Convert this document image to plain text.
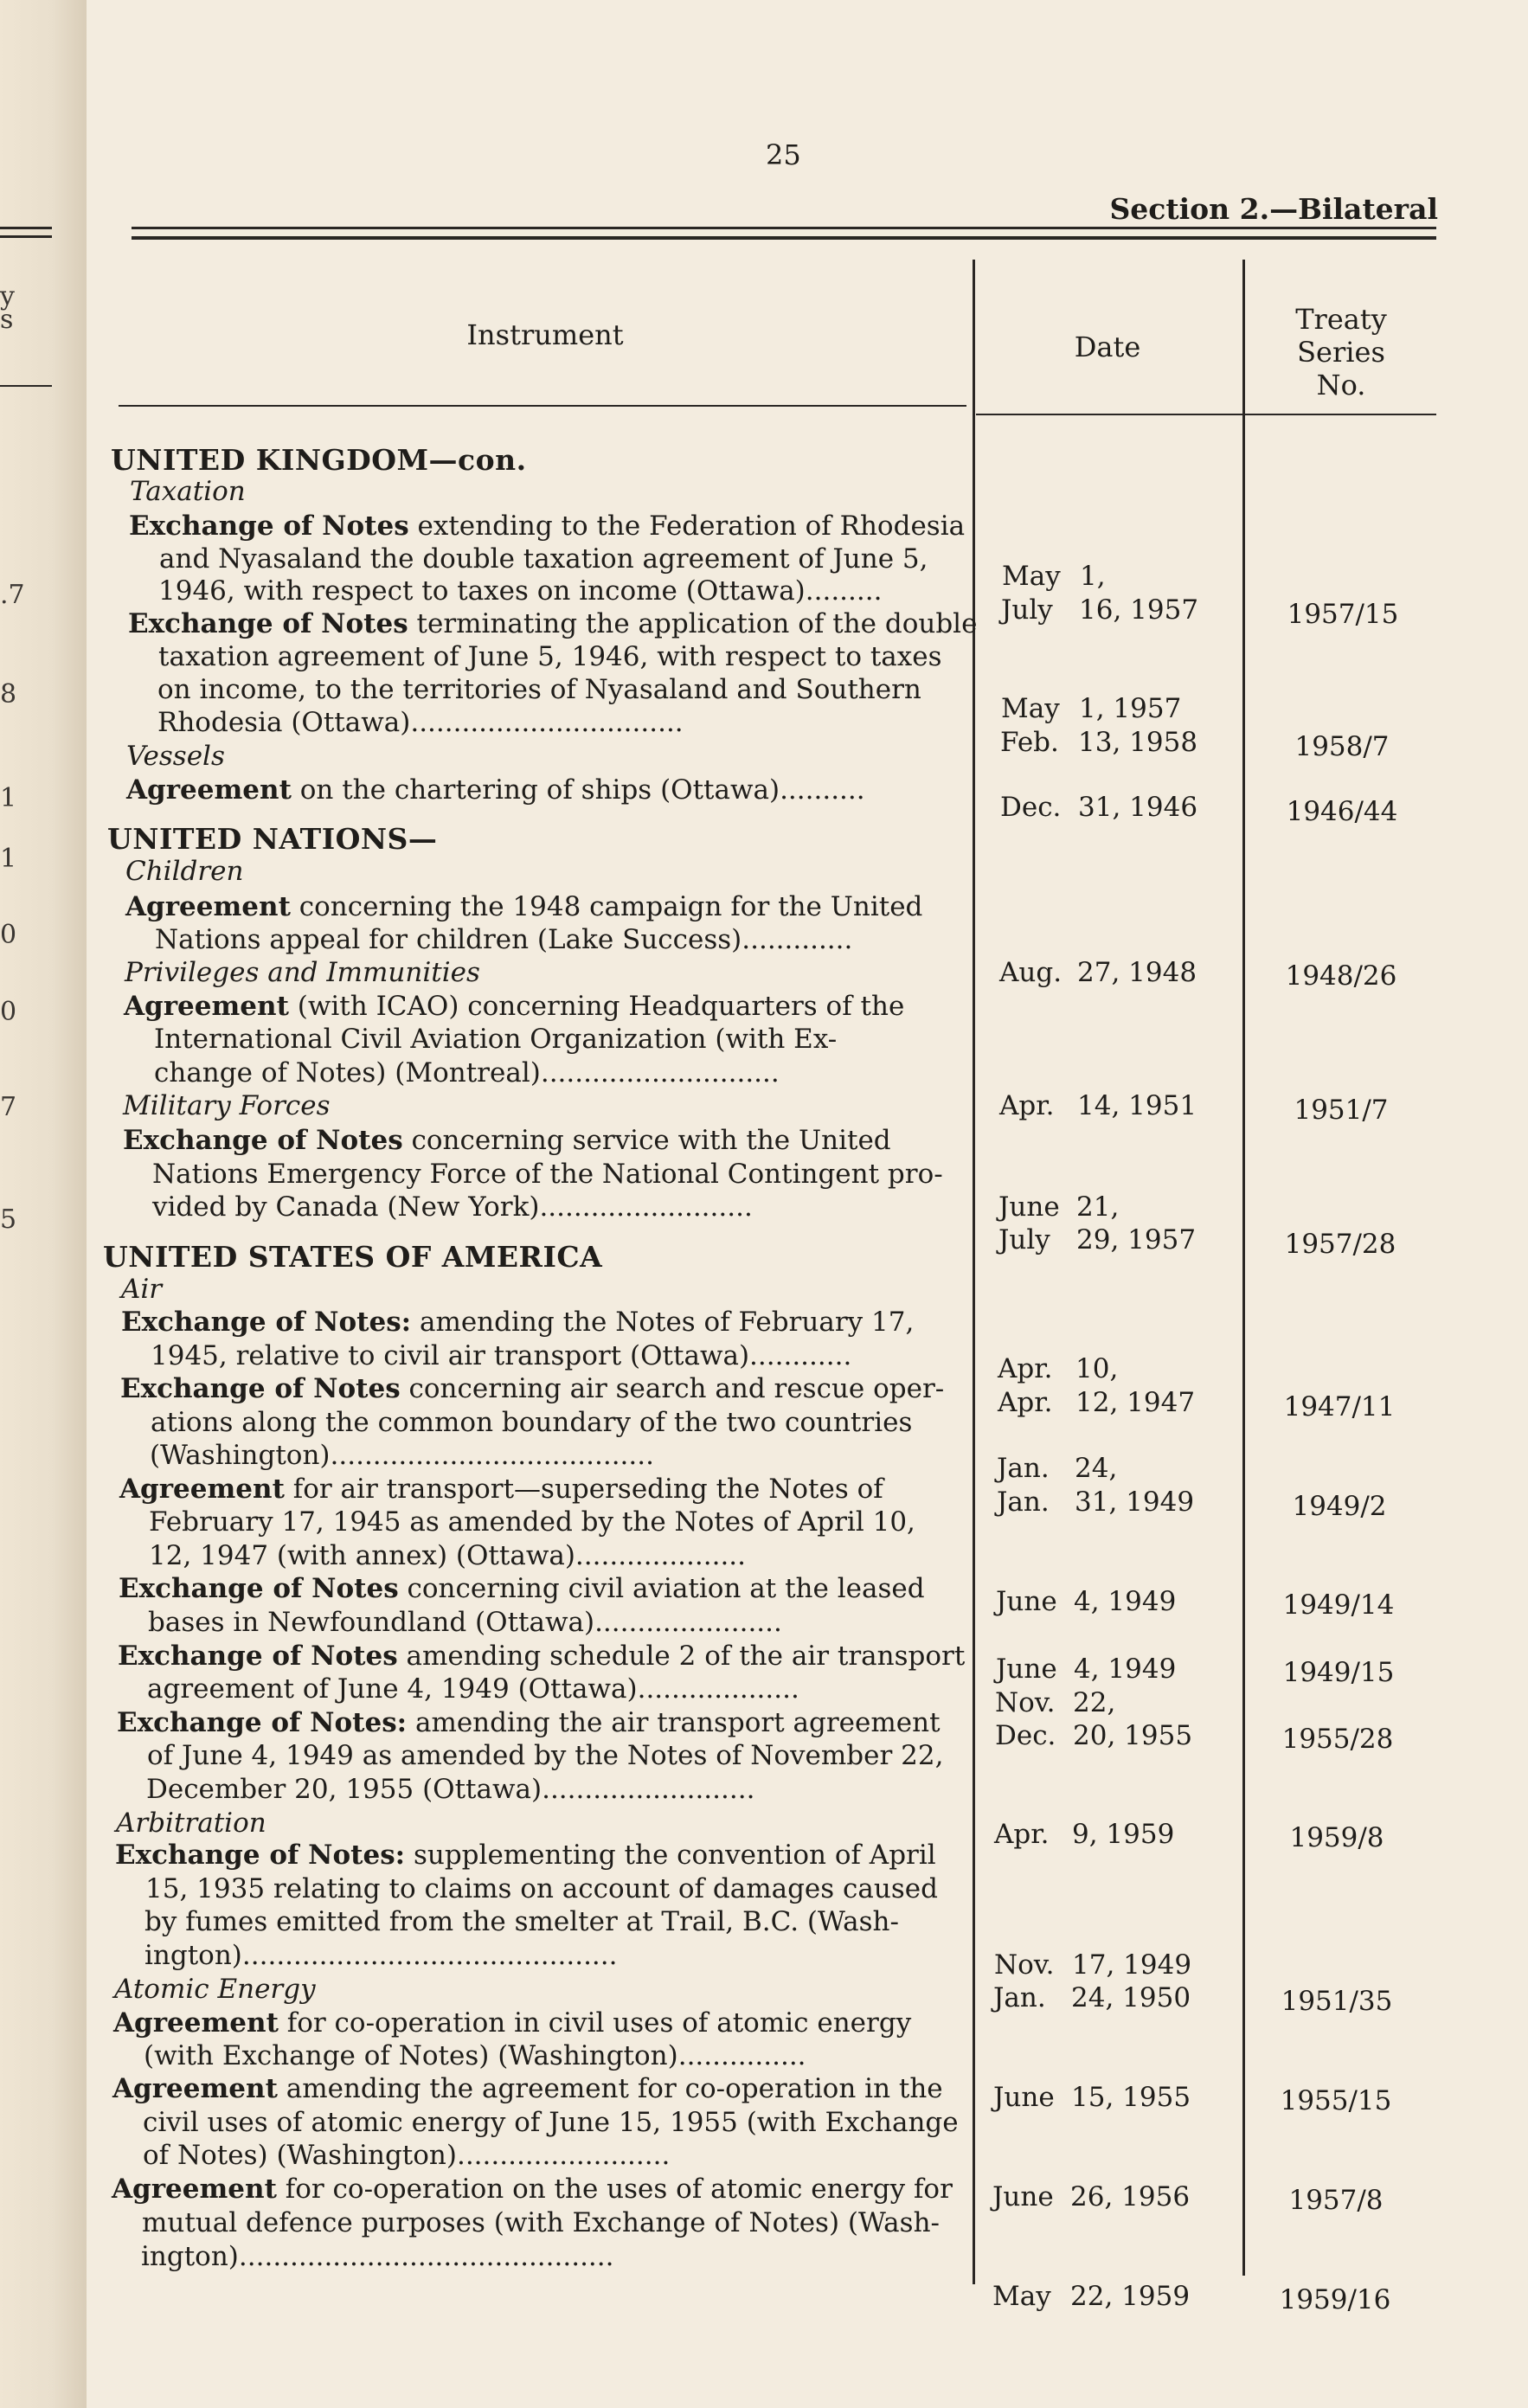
y
s
.7
8
1
1
0
0
7
5
25
Section 2.—Bilateral
Instrument	Date
Treaty
Series
No.
UNITED KINGDOM—con.
Taxation
Exchange of Notes extending to the Federation of Rhodesia
and Nyasaland the double taxation agreement of June 5,
1946, with respect to taxes on income (Ottawa).........
Exchange of Notes terminating the application of the double
taxation agreement of June 5, 1946, with respect to taxes
on income, to the territories of Nyasaland and Southern
Rhodesia (Ottawa)................................
Vessels
Agreement on the chartering of ships (Ottawa)..........
UNITED NATIONS—
Children
Agreement concerning the 1948 campaign for the United
Nations appeal for children (Lake Success).............
Privileges and Immunities
Agreement (with ICAO) concerning Headquarters of the
International Civil Aviation Organization (with Ex-
change of Notes) (Montreal)............................
Military Forces
Exchange of Notes concerning service with the United
Nations Emergency Force of the National Contingent pro-
vided by Canada (New York).........................
UNITED STATES OF AMERICA
Air
Exchange of Notes: amending the Notes of February 17,
1945, relative to civil air transport (Ottawa)............
Exchange of Notes concerning air search and rescue oper-
ations along the common boundary of the two countries
(Washington)......................................
Agreement for air transport—superseding the Notes of
February 17, 1945 as amended by the Notes of April 10,
12, 1947 (with annex) (Ottawa)....................
Exchange of Notes concerning civil aviation at the leased
bases in Newfoundland (Ottawa)......................
Exchange of Notes amending schedule 2 of the air transport
agreement of June 4, 1949 (Ottawa)...................
Exchange of Notes: amending the air transport agreement
of June 4, 1949 as amended by the Notes of November 22,
December 20, 1955 (Ottawa).........................
Arbitration
Exchange of Notes: supplementing the convention of April
15, 1935 relating to claims on account of damages caused
by fumes emitted from the smelter at Trail, B.C. (Wash-
ington)............................................
Atomic Energy
Agreement for co-operation in civil uses of atomic energy
(with Exchange of Notes) (Washington)...............
Agreement amending the agreement for co-operation in the
civil uses of atomic energy of June 15, 1955 (with Exchange
of Notes) (Washington).........................
Agreement for co-operation on the uses of atomic energy for
mutual defence purposes (with Exchange of Notes) (Wash-
ington)............................................
May 1,
July 16, 1957
May 1, 1957
Feb. 13, 1958
Dec. 31, 1946
Aug. 27, 1948
Apr. 14, 1951
June 21,
July 29, 1957
Apr. 10,
Apr. 12, 1947
Jan. 24,
Jan. 31, 1949
June 4, 1949
June 4, 1949
Nov. 22,
Dec. 20, 1955
Apr. 9, 1959
Nov. 17, 1949
Jan. 24, 1950
June 15, 1955
June 26, 1956
May 22, 1959
1957/15
1958/7
1946/44
1948/26
1951/7
1957/28
1947/11
1949/2
1949/14
1949/15
1955/28
1959/8
1951/35
1955/15
1957/8
1959/16
